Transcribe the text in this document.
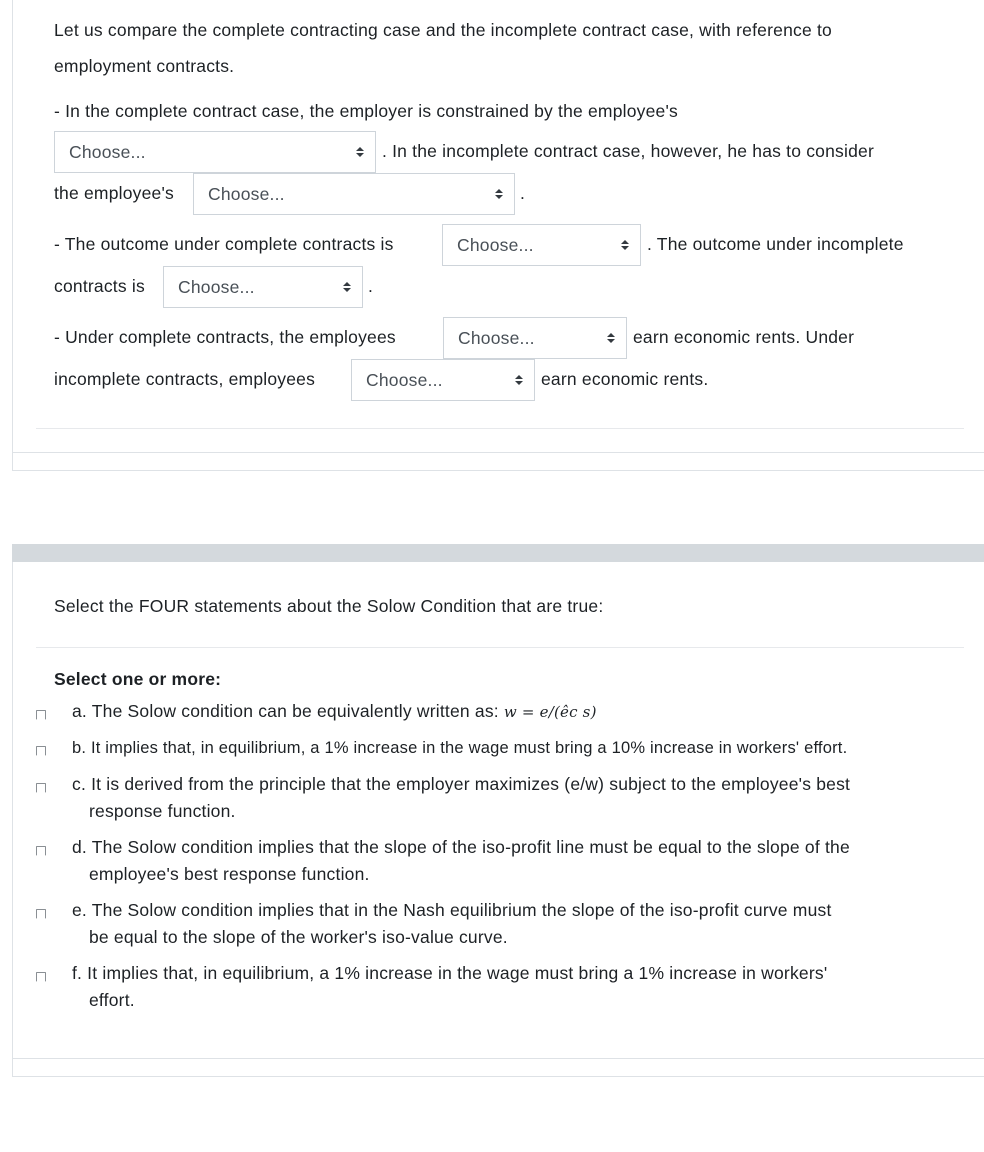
Let us compare the complete contracting case and the incomplete contract case, with reference to
employment contracts.
- In the complete contract case, the employer is constrained by the employee's
Choose...	. In the incomplete contract case, however, he has to consider
the employee's	Choose...	.
- The outcome under complete contracts is	Choose...	. The outcome under incomplete
contracts is	Choose...	.
- Under complete contracts, the employees	Choose...	earn economic rents. Under
incomplete contracts, employees	Choose...	earn economic rents.
Select the FOUR statements about the Solow Condition that are true:
Select one or more:
a. The Solow condition can be equivalently written as: w = e/(êc s)
b. It implies that, in equilibrium, a 1% increase in the wage must bring a 10% increase in workers' effort.
c. It is derived from the principle that the employer maximizes (e/w) subject to the employee's best
response function.
d. The Solow condition implies that the slope of the iso-profit line must be equal to the slope of the
employee's best response function.
e. The Solow condition implies that in the Nash equilibrium the slope of the iso-profit curve must
be equal to the slope of the worker's iso-value curve.
f. It implies that, in equilibrium, a 1% increase in the wage must bring a 1% increase in workers'
effort.
